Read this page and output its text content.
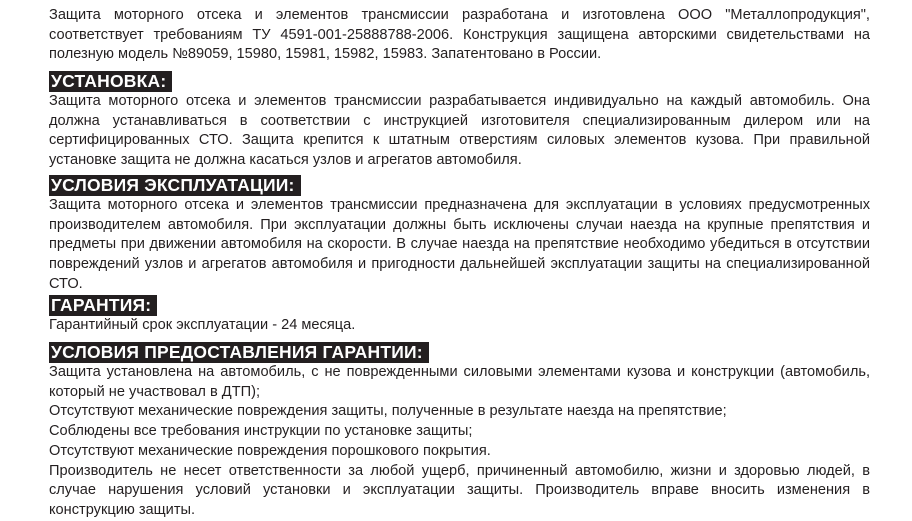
Защита моторного отсека и элементов трансмиссии разработана и изготовлена ООО "Металлопродукция", соответствует требованиям ТУ 4591-001-25888788-2006. Конструкция защищена авторскими свидетельствами на полезную модель №89059, 15980, 15981, 15982, 15983. Запатентовано в России.

УСТАНОВКА:

Защита моторного отсека и элементов трансмиссии разрабатывается индивидуально на каждый автомобиль. Она должна устанавливаться в соответствии с инструкцией изготовителя специализированным дилером или на сертифицированных СТО. Защита крепится к штатным отверстиям силовых элементов кузова. При правильной установке защита не должна касаться узлов и агрегатов автомобиля.

УСЛОВИЯ ЭКСПЛУАТАЦИИ:

Защита моторного отсека и элементов трансмиссии предназначена для эксплуатации в условиях предусмотренных производителем автомобиля. При эксплуатации должны быть исключены случаи наезда на крупные препятствия и предметы при движении автомобиля на скорости. В случае наезда на препятствие необходимо убедиться в отсутствии повреждений узлов и агрегатов автомобиля и пригодности дальнейшей эксплуатации защиты на специализированной СТО.

ГАРАНТИЯ:

Гарантийный срок эксплуатации - 24 месяца.

УСЛОВИЯ ПРЕДОСТАВЛЕНИЯ ГАРАНТИИ:

Защита установлена на автомобиль, с не поврежденными силовыми элементами кузова и конструкции (автомобиль, который не участвовал в ДТП);

Отсутствуют механические повреждения защиты, полученные в результате наезда на препятствие;

Соблюдены все требования инструкции по установке защиты;

Отсутствуют механические повреждения порошкового покрытия.

Производитель не несет ответственности за любой ущерб, причиненный автомобилю, жизни и здоровью людей, в случае нарушения условий установки и эксплуатации защиты. Производитель вправе вносить изменения в конструкцию защиты.
